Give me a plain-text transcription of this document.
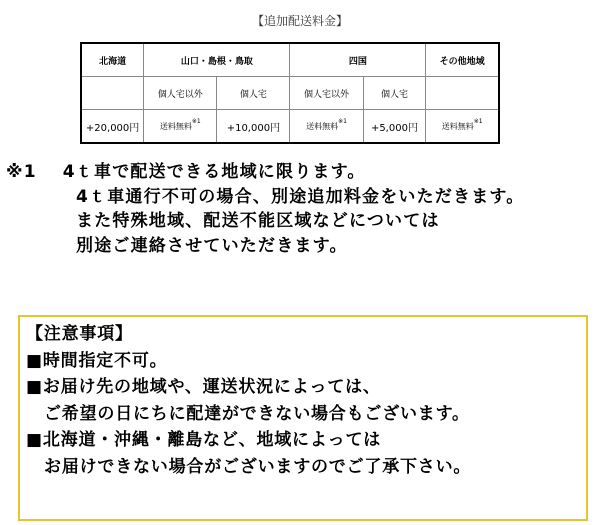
【追加配送料金】
北海道	山口・島根・鳥取		四国		その他地域
	個人宅以外	個人宅	個人宅以外	個人宅	
+20,000円	送料無料$^{※1}$	+10,000円	送料無料$^{※1}$	+5,000円	送料無料$^{※1}$
※1 4ｔ車で配送できる地域に限ります。
4ｔ車通行不可の場合、別途追加料金をいただきます。
また特殊地域、配送不能区域などについては
別途ご連絡させていただきます。
【注意事項】
■時間指定不可。
■お届け先の地域や、運送状況によっては、
ご希望の日にちに配達ができない場合もございます。
■北海道・沖縄・離島など、地域によっては
お届けできない場合がございますのでご了承下さい。
